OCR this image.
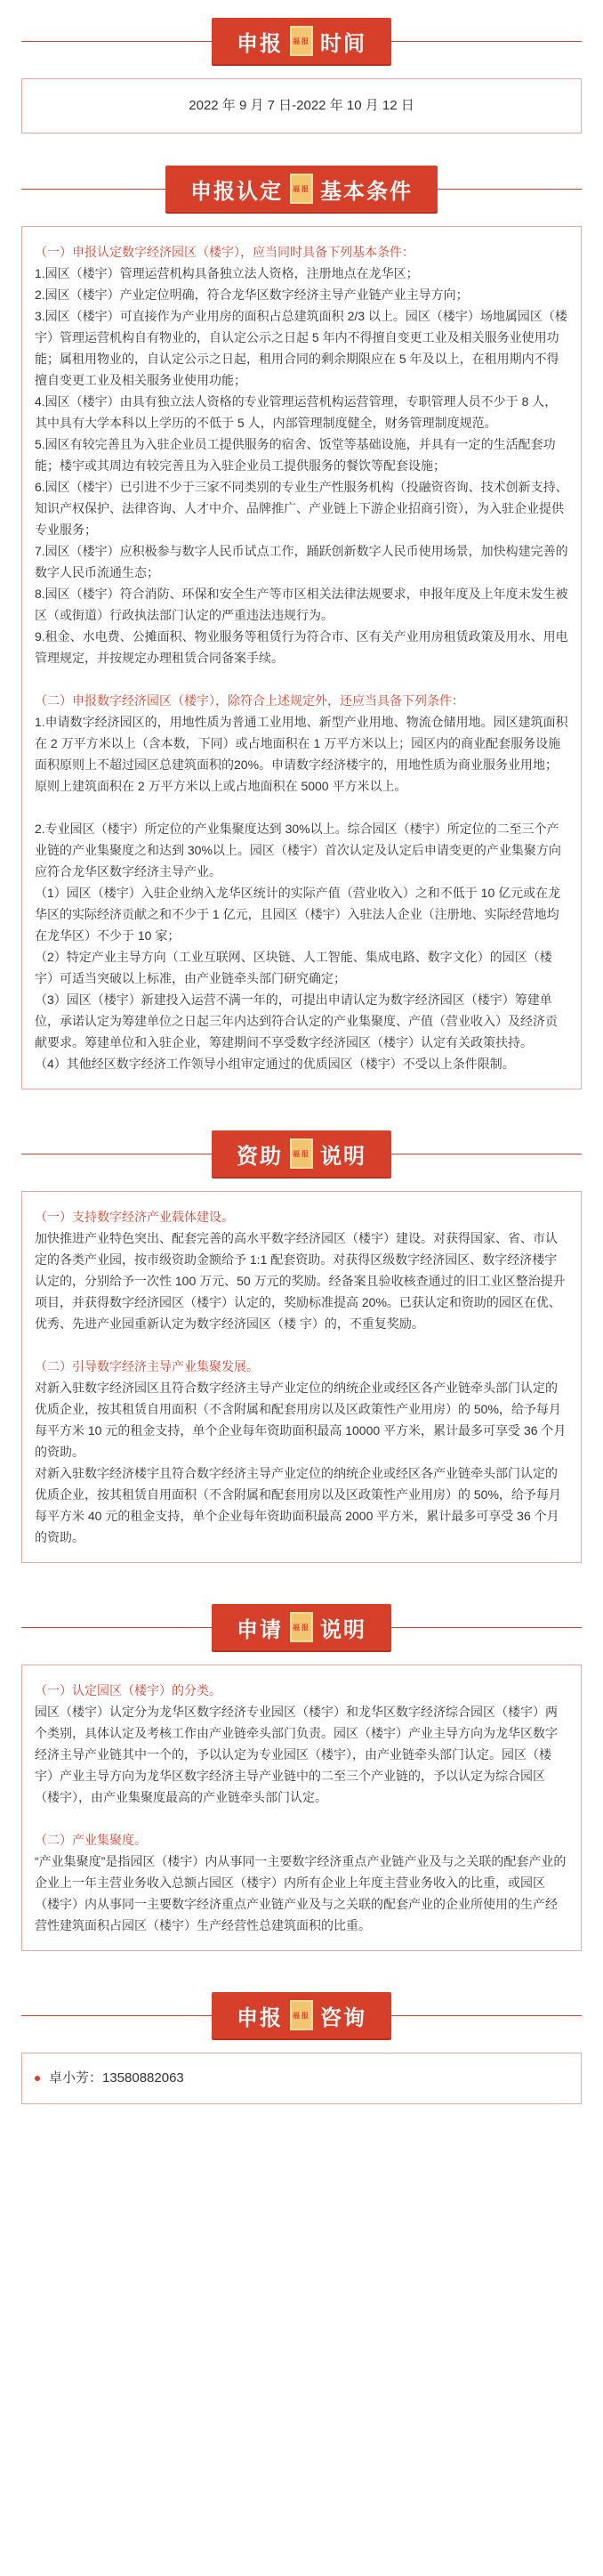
申报	福报 时间
2022 年 9 月 7 日-2022 年 10 月 12 日
申报认定	福报 基本条件

（一）申报认定数字经济园区（楼宇），应当同时具备下列基本条件：

1.园区（楼宇）管理运营机构具备独立法人资格，注册地点在龙华区；

2.园区（楼宇）产业定位明确，符合龙华区数字经济主导产业链产业主导方向；

3.园区（楼宇）可直接作为产业用房的面积占总建筑面积 2/3 以上。园区（楼宇）场地属园区（楼宇）管理运营机构自有物业的，自认定公示之日起 5 年内不得擅自变更工业及相关服务业使用功能；属租用物业的，自认定公示之日起，租用合同的剩余期限应在 5 年及以上，在租用期内不得擅自变更工业及相关服务业使用功能；

4.园区（楼宇）由具有独立法人资格的专业管理运营机构运营管理，专职管理人员不少于 8 人，其中具有大学本科以上学历的不低于 5 人，内部管理制度健全，财务管理制度规范。

5.园区有较完善且为入驻企业员工提供服务的宿舍、饭堂等基础设施，并具有一定的生活配套功能；楼宇或其周边有较完善且为入驻企业员工提供服务的餐饮等配套设施；

6.园区（楼宇）已引进不少于三家不同类别的专业生产性服务机构（投融资咨询、技术创新支持、知识产权保护、法律咨询、人才中介、品牌推广、产业链上下游企业招商引资），为入驻企业提供专业服务；

7.园区（楼宇）应积极参与数字人民币试点工作，踊跃创新数字人民币使用场景，加快构建完善的数字人民币流通生态；

8.园区（楼宇）符合消防、环保和安全生产等市区相关法律法规要求，申报年度及上年度未发生被区（或街道）行政执法部门认定的严重违法违规行为。

9.租金、水电费、公摊面积、物业服务等租赁行为符合市、区有关产业用房租赁政策及用水、用电管理规定，并按规定办理租赁合同备案手续。

（二）申报数字经济园区（楼宇），除符合上述规定外，还应当具备下列条件：

1.申请数字经济园区的，用地性质为普通工业用地、新型产业用地、物流仓储用地。园区建筑面积在 2 万平方米以上（含本数，下同）或占地面积在 1 万平方米以上；园区内的商业配套服务设施面积原则上不超过园区总建筑面积的20%。申请数字经济楼宇的，用地性质为商业服务业用地；原则上建筑面积在 2 万平方米以上或占地面积在 5000 平方米以上。

2.专业园区（楼宇）所定位的产业集聚度达到 30%以上。综合园区（楼宇）所定位的二至三个产业链的产业集聚度之和达到 30%以上。园区（楼宇）首次认定及认定后申请变更的产业集聚方向应符合龙华区数字经济主导产业。

（1）园区（楼宇）入驻企业纳入龙华区统计的实际产值（营业收入）之和不低于 10 亿元或在龙华区的实际经济贡献之和不少于 1 亿元，且园区（楼宇）入驻法人企业（注册地、实际经营地均在龙华区）不少于 10 家；

（2）特定产业主导方向（工业互联网、区块链、人工智能、集成电路、数字文化）的园区（楼宇）可适当突破以上标准，由产业链牵头部门研究确定；

（3）园区（楼宇）新建投入运营不满一年的，可提出申请认定为数字经济园区（楼宇）筹建单位，承诺认定为筹建单位之日起三年内达到符合认定的产业集聚度、产值（营业收入）及经济贡献要求。筹建单位和入驻企业，筹建期间不享受数字经济园区（楼宇）认定有关政策扶持。

（4）其他经区数字经济工作领导小组审定通过的优质园区（楼宇）不受以上条件限制。

资助	福报 说明

（一）支持数字经济产业载体建设。

加快推进产业特色突出、配套完善的高水平数字经济园区（楼宇）建设。对获得国家、省、市认定的各类产业园，按市级资助金额给予 1:1 配套资助。对获得区级数字经济园区、数字经济楼宇认定的，分别给予一次性 100 万元、50 万元的奖励。经备案且验收核查通过的旧工业区整治提升项目，并获得数字经济园区（楼宇）认定的，奖励标准提高 20%。已获认定和资助的园区在优、优秀、先进产业园重新认定为数字经济园区（楼 宇）的，不重复奖励。

（二）引导数字经济主导产业集聚发展。

对新入驻数字经济园区且符合数字经济主导产业定位的纳统企业或经区各产业链牵头部门认定的优质企业，按其租赁自用面积（不含附属和配套用房以及区政策性产业用房）的 50%，给予每月每平方米 10 元的租金支持，单个企业每年资助面积最高 10000 平方米，累计最多可享受 36 个月的资助。

对新入驻数字经济楼宇且符合数字经济主导产业定位的纳统企业或经区各产业链牵头部门认定的优质企业，按其租赁自用面积（不含附属和配套用房以及区政策性产业用房）的 50%，给予每月每平方米 40 元的租金支持，单个企业每年资助面积最高 2000 平方米，累计最多可享受 36 个月的资助。

申请	福报 说明

（一）认定园区（楼宇）的分类。

园区（楼宇）认定分为龙华区数字经济专业园区（楼宇）和龙华区数字经济综合园区（楼宇）两个类别，具体认定及考核工作由产业链牵头部门负责。园区（楼宇）产业主导方向为龙华区数字经济主导产业链其中一个的，予以认定为专业园区（楼宇），由产业链牵头部门认定。园区（楼宇）产业主导方向为龙华区数字经济主导产业链中的二至三个产业链的，予以认定为综合园区（楼宇），由产业集聚度最高的产业链牵头部门认定。

（二）产业集聚度。

“产业集聚度”是指园区（楼宇）内从事同一主要数字经济重点产业链产业及与之关联的配套产业的企业上一年主营业务收入总额占园区（楼宇）内所有企业上年度主营业务收入的比重，或园区（楼宇）内从事同一主要数字经济重点产业链产业及与之关联的配套产业的企业所使用的生产经营性建筑面积占园区（楼宇）生产经营性总建筑面积的比重。

申报	福报 咨询
卓小芳：13580882063
